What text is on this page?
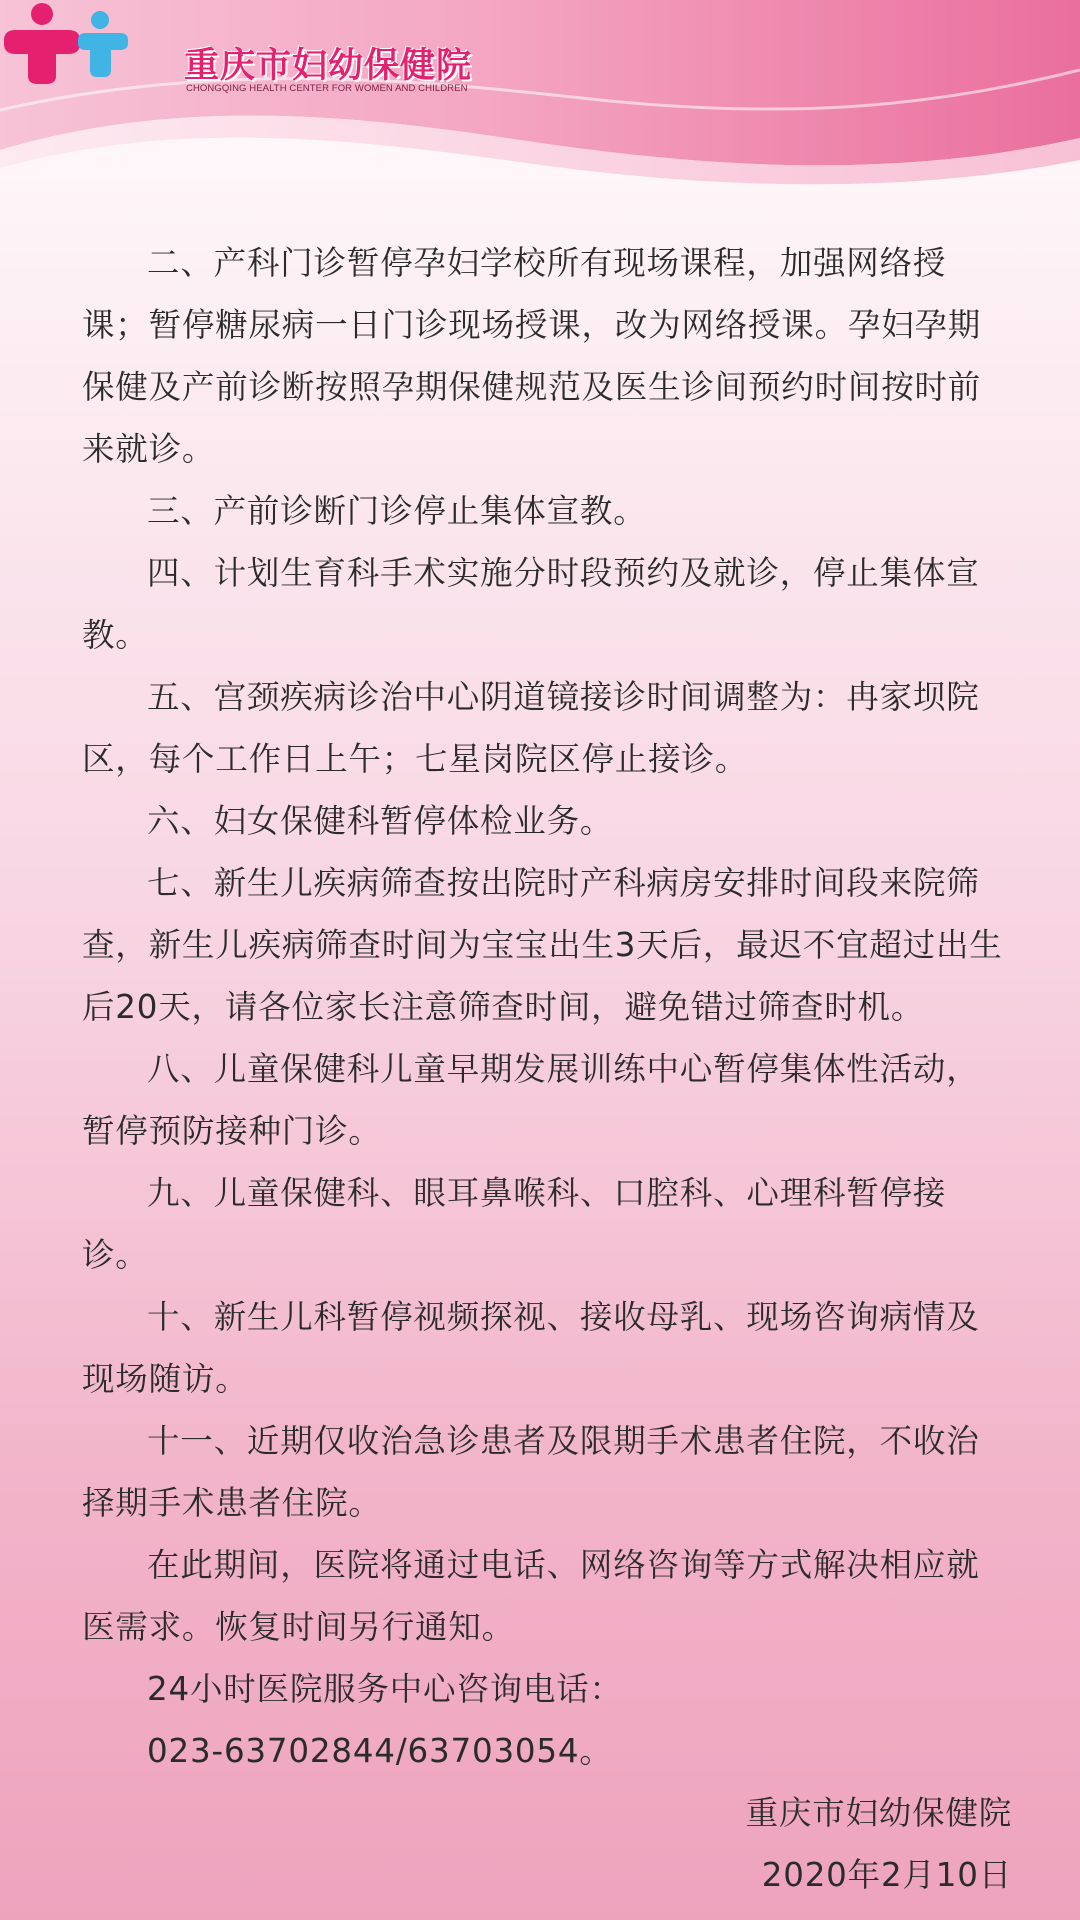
重庆市妇幼保健院
CHONGQING HEALTH CENTER FOR WOMEN AND CHILDREN

二、产科门诊暂停孕妇学校所有现场课程，加强网络授课；暂停糖尿病一日门诊现场授课，改为网络授课。孕妇孕期保健及产前诊断按照孕期保健规范及医生诊间预约时间按时前来就诊。

三、产前诊断门诊停止集体宣教。

四、计划生育科手术实施分时段预约及就诊，停止集体宣教。

五、宫颈疾病诊治中心阴道镜接诊时间调整为：冉家坝院区，每个工作日上午；七星岗院区停止接诊。

六、妇女保健科暂停体检业务。

七、新生儿疾病筛查按出院时产科病房安排时间段来院筛查，新生儿疾病筛查时间为宝宝出生3天后，最迟不宜超过出生后20天，请各位家长注意筛查时间，避免错过筛查时机。

八、儿童保健科儿童早期发展训练中心暂停集体性活动，暂停预防接种门诊。

九、儿童保健科、眼耳鼻喉科、口腔科、心理科暂停接诊。

十、新生儿科暂停视频探视、接收母乳、现场咨询病情及现场随访。

十一、近期仅收治急诊患者及限期手术患者住院，不收治择期手术患者住院。

在此期间，医院将通过电话、网络咨询等方式解决相应就医需求。恢复时间另行通知。

24小时医院服务中心咨询电话：

023-63702844/63703054。

重庆市妇幼保健院

2020年2月10日
